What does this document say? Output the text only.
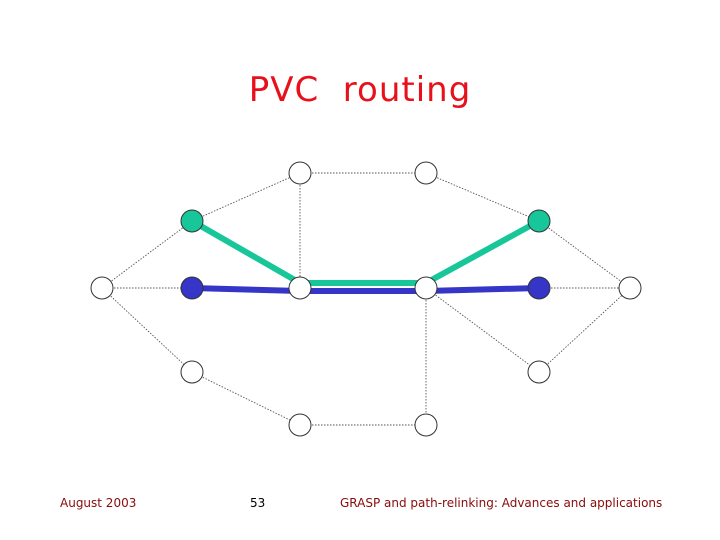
PVC  routing
August 2003	53	GRASP and path-relinking: Advances and applications
